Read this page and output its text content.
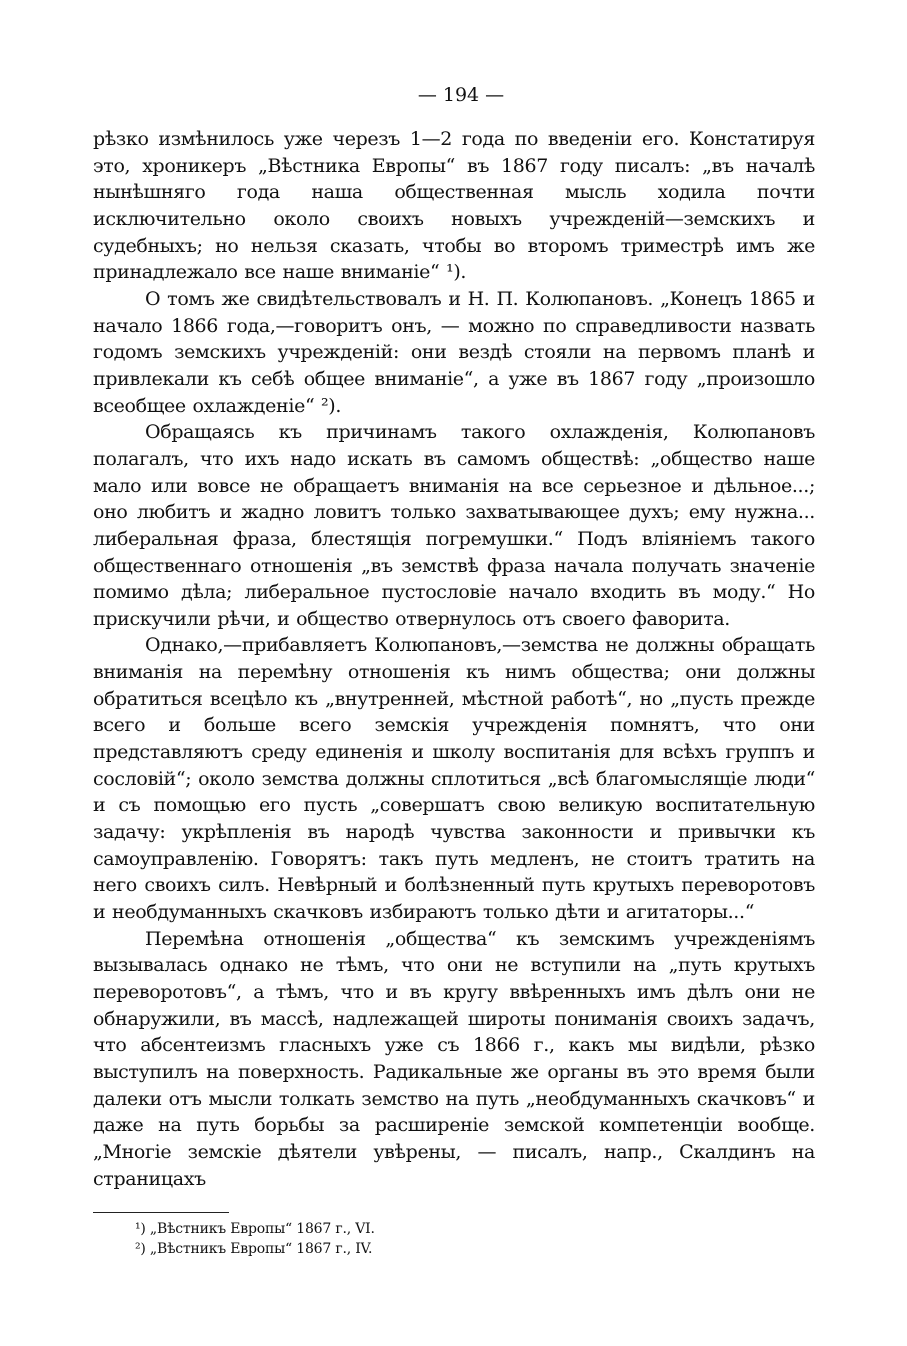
— 194 —

рѣзко измѣнилось уже черезъ 1—2 года по введеніи его. Констатируя это, хроникеръ „Вѣстника Европы“ въ 1867 году писалъ: „въ началѣ нынѣшняго года наша общественная мысль ходила почти исключительно около своихъ новыхъ учрежденій—земскихъ и судебныхъ; но нельзя сказать, чтобы во второмъ триместрѣ имъ же принадлежало все наше вниманіе“ ¹).

О томъ же свидѣтельствовалъ и Н. П. Колюпановъ. „Конецъ 1865 и начало 1866 года,—говоритъ онъ, — можно по справедливости назвать годомъ земскихъ учрежденій: они вездѣ стояли на первомъ планѣ и привлекали къ себѣ общее вниманіе“, а уже въ 1867 году „произошло всеобщее охлажденіе“ ²).

Обращаясь къ причинамъ такого охлажденія, Колюпановъ полагалъ, что ихъ надо искать въ самомъ обществѣ: „общество наше мало или вовсе не обращаетъ вниманія на все серьезное и дѣльное...; оно любитъ и жадно ловитъ только захватывающее духъ; ему нужна... либеральная фраза, блестящія погремушки.“ Подъ вліяніемъ такого общественнаго отношенія „въ земствѣ фраза начала получать значеніе помимо дѣла; либеральное пустословіе начало входить въ моду.“ Но прискучили рѣчи, и общество отвернулось отъ своего фаворита.

Однако,—прибавляетъ Колюпановъ,—земства не должны обращать вниманія на перемѣну отношенія къ нимъ общества; они должны обратиться всецѣло къ „внутренней, мѣстной работѣ“, но „пусть прежде всего и больше всего земскія учрежденія помнятъ, что они представляютъ среду единенія и школу воспитанія для всѣхъ группъ и сословій“; около земства должны сплотиться „всѣ благомыслящіе люди“ и съ помощью его пусть „совершатъ свою великую воспитательную задачу: укрѣпленія въ народѣ чувства законности и привычки къ самоуправленію. Говорятъ: такъ путь медленъ, не стоитъ тратить на него своихъ силъ. Невѣрный и болѣзненный путь крутыхъ переворотовъ и необдуманныхъ скачковъ избираютъ только дѣти и агитаторы...“

Перемѣна отношенія „общества“ къ земскимъ учрежденіямъ вызывалась однако не тѣмъ, что они не вступили на „путь крутыхъ переворотовъ“, а тѣмъ, что и въ кругу ввѣренныхъ имъ дѣлъ они не обнаружили, въ массѣ, надлежащей широты пониманія своихъ задачъ, что абсентеизмъ гласныхъ уже съ 1866 г., какъ мы видѣли, рѣзко выступилъ на поверхность. Радикальные же органы въ это время были далеки отъ мысли толкать земство на путь „необдуманныхъ скачковъ“ и даже на путь борьбы за расширеніе земской компетенціи вообще. „Многіе земскіе дѣятели увѣрены, — писалъ, напр., Скалдинъ на страницахъ

¹) „Вѣстникъ Европы“ 1867 г., VI.
²) „Вѣстникъ Европы“ 1867 г., IV.
